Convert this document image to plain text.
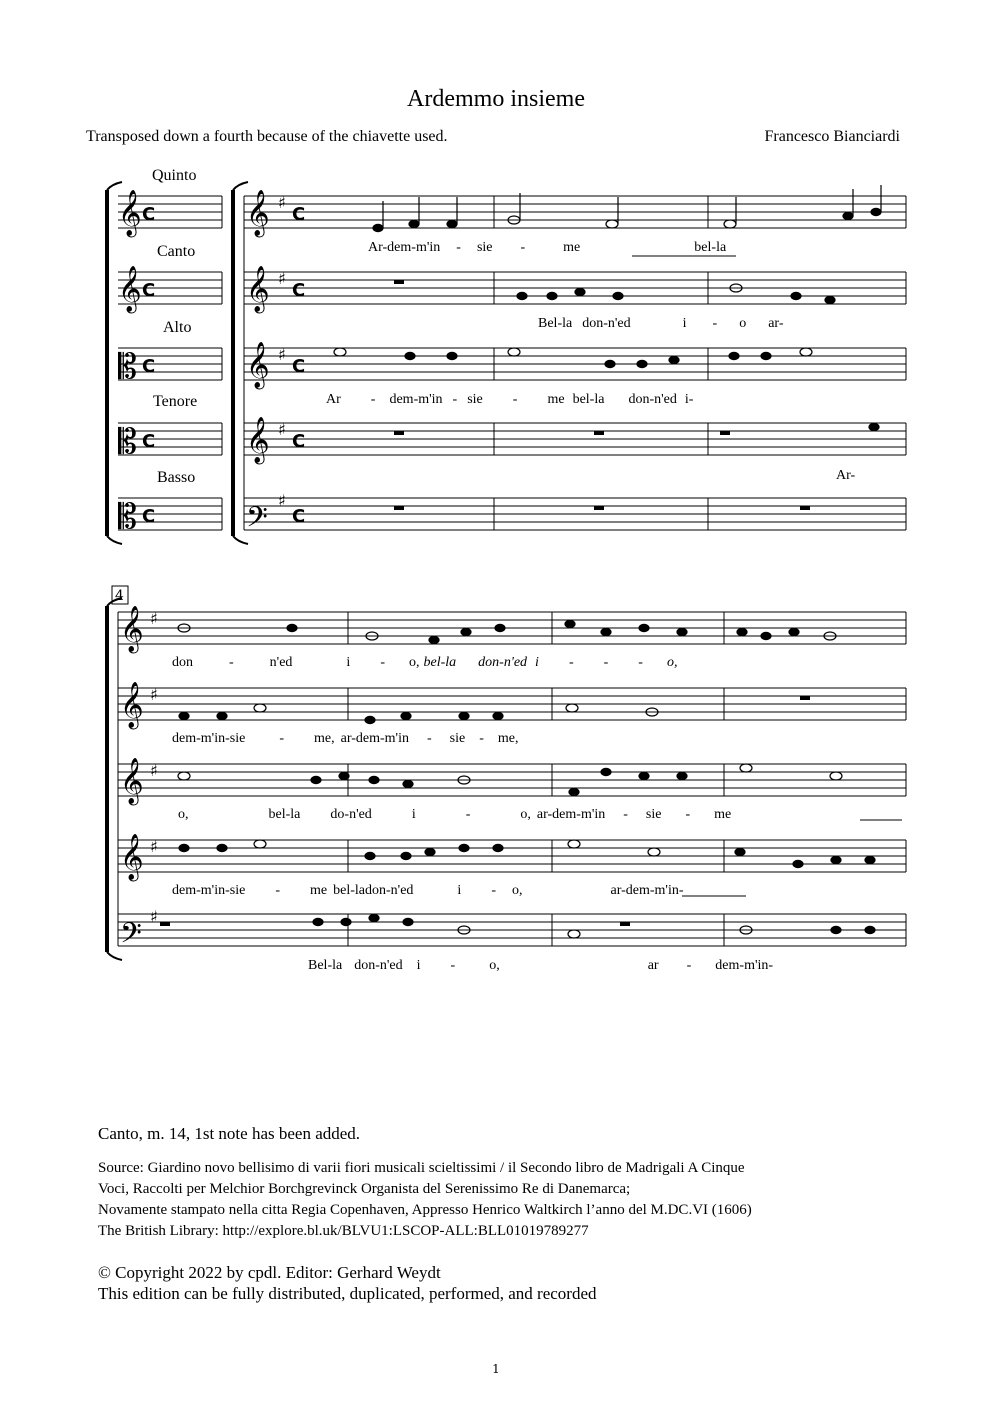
Ardemmo insieme
Transposed down a fourth because of the chiavette used.	Francesco Bianciardi
Quinto
Canto
Alto
Tenore
Basso
4
𝄞 C
𝄞 C
𝄡 C
𝄡 C
𝄡 C
𝄞 ♯
C
𝄞 ♯
C
𝄞 ♯
C
𝄞 ♯
C
𝄢
♯
C
𝄞 ♯
𝄞 ♯
𝄞 ♯
𝄞 ♯
𝄢
♯
Ar-dem-m'in - sie -	me	bel-la
Bel-la don-n'ed	i - o ar-
Ar - dem-m'in - sie - me bel-la don-n'ed i-
Ar-
don	-	n'ed	i - o, bel-la don-n'ed i - - - o,
dem-m'in-sie - me, ar-dem-m'in - sie - me,
o,	bel-la do-n'ed	i	-	o, ar-dem-m'in - sie - me
dem-m'in-sie - me bel-ladon-n'ed	i - o,	ar-dem-m'in-
Bel-la don-n'ed i - o,	ar - dem-m'in-
Canto, m. 14, 1st note has been added.
Source: Giardino novo bellisimo di varii fiori musicali scieltissimi / il Secondo libro de Madrigali A Cinque
Voci, Raccolti per Melchior Borchgrevinck Organista del Serenissimo Re di Danemarca;
Novamente stampato nella citta Regia Copenhaven, Appresso Henrico Waltkirch l’anno del M.DC.VI (1606)
The British Library: http://explore.bl.uk/BLVU1:LSCOP-ALL:BLL01019789277
© Copyright 2022 by cpdl. Editor: Gerhard Weydt
This edition can be fully distributed, duplicated, performed, and recorded
1
